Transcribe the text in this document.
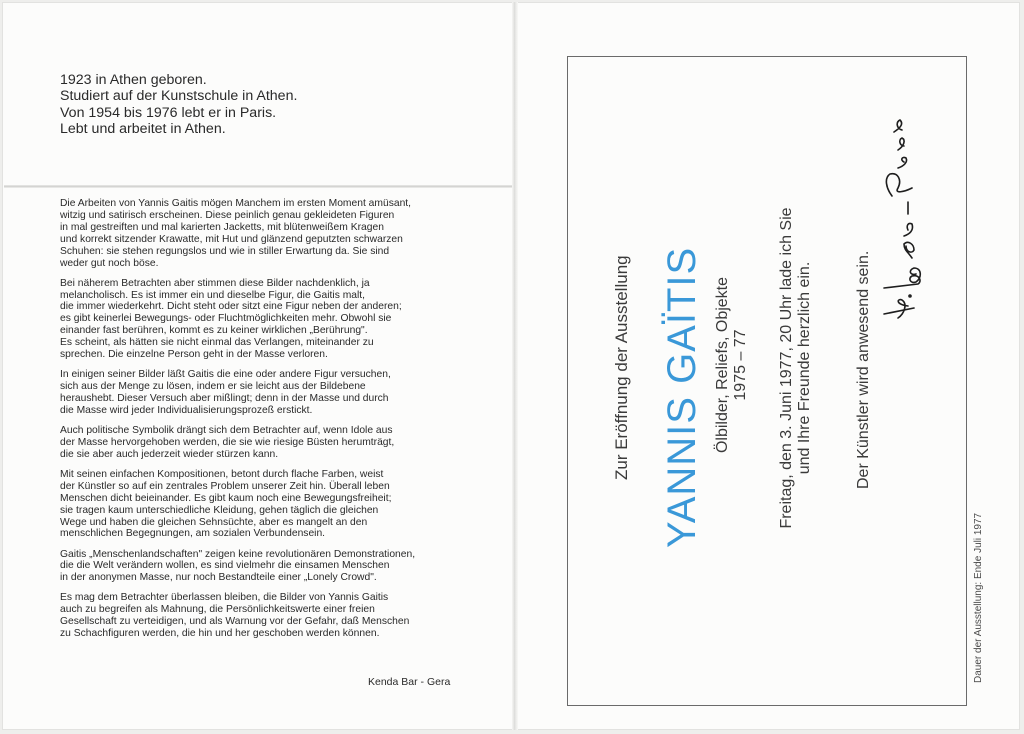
1923 in Athen geboren.
Studiert auf der Kunstschule in Athen.
Von 1954 bis 1976 lebt er in Paris.
Lebt und arbeitet in Athen.

Die Arbeiten von Yannis Gaitis mögen Manchem im ersten Moment amüsant,
witzig und satirisch erscheinen. Diese peinlich genau gekleideten Figuren
in mal gestreiften und mal karierten Jacketts, mit blütenweißem Kragen
und korrekt sitzender Krawatte, mit Hut und glänzend geputzten schwarzen
Schuhen: sie stehen regungslos und wie in stiller Erwartung da. Sie sind
weder gut noch böse.

Bei näherem Betrachten aber stimmen diese Bilder nachdenklich, ja
melancholisch. Es ist immer ein und dieselbe Figur, die Gaitis malt,
die immer wiederkehrt. Dicht steht oder sitzt eine Figur neben der anderen;
es gibt keinerlei Bewegungs- oder Fluchtmöglichkeiten mehr. Obwohl sie
einander fast berühren, kommt es zu keiner wirklichen „Berührung".
Es scheint, als hätten sie nicht einmal das Verlangen, miteinander zu
sprechen. Die einzelne Person geht in der Masse verloren.

In einigen seiner Bilder läßt Gaitis die eine oder andere Figur versuchen,
sich aus der Menge zu lösen, indem er sie leicht aus der Bildebene
heraushebt. Dieser Versuch aber mißlingt; denn in der Masse und durch
die Masse wird jeder Individualisierungsprozeß erstickt.

Auch politische Symbolik drängt sich dem Betrachter auf, wenn Idole aus
der Masse hervorgehoben werden, die sie wie riesige Büsten herumträgt,
die sie aber auch jederzeit wieder stürzen kann.

Mit seinen einfachen Kompositionen, betont durch flache Farben, weist
der Künstler so auf ein zentrales Problem unserer Zeit hin. Überall leben
Menschen dicht beieinander. Es gibt kaum noch eine Bewegungsfreiheit;
sie tragen kaum unterschiedliche Kleidung, gehen täglich die gleichen
Wege und haben die gleichen Sehnsüchte, aber es mangelt an den
menschlichen Begegnungen, am sozialen Verbundensein.

Gaitis „Menschenlandschaften" zeigen keine revolutionären Demonstrationen,
die die Welt verändern wollen, es sind vielmehr die einsamen Menschen
in der anonymen Masse, nur noch Bestandteile einer „Lonely Crowd".

Es mag dem Betrachter überlassen bleiben, die Bilder von Yannis Gaitis
auch zu begreifen als Mahnung, die Persönlichkeitswerte einer freien
Gesellschaft zu verteidigen, und als Warnung vor der Gefahr, daß Menschen
zu Schachfiguren werden, die hin und her geschoben werden können.

Kenda Bar - Gera
Zur Eröffnung der Ausstellung YANNIS GAÏTIS Ölbilder, Reliefs, Objekte 1975 – 77 Freitag, den 3. Juni 1977, 20 Uhr lade ich Sie und Ihre Freunde herzlich ein.	Der Künstler wird anwesend sein.
Dauer der Ausstellung: Ende Juli 1977
